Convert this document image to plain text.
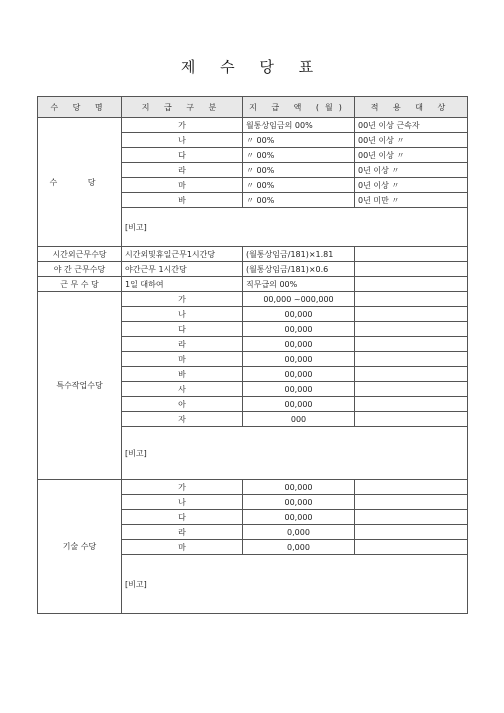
제 수 당 표
수 당 명	지 급 구 분	지 급 액 (월)	적 용 대 상
수 당	가	월통상임금의 00%	00년 이상 근속자
	나	〃 00%	00년 이상 〃
	다	〃 00%	00년 이상 〃
	라	〃 00%	0년 이상 〃
	마	〃 00%	0년 이상 〃
	바	〃 00%	0년 미만 〃
	[비고]		
시간외근무수당	시간외및휴일근무1시간당	(월통상임금/181)×1.81	
야 간 근무수당	야간근무 1시간당	(월통상임금/181)×0.6	
근 무 수 당	1일 대하여	직무급의 00%	
특수작업수당	가	00,000 ~000,000	
	나	00,000	
	다	00,000	
	라	00,000	
	마	00,000	
	바	00,000	
	사	00,000	
	아	00,000	
	자	000	
	[비고]		
기술 수당	가	00,000	
	나	00,000	
	다	00,000	
	라	0,000	
	마	0,000	
	[비고]		
